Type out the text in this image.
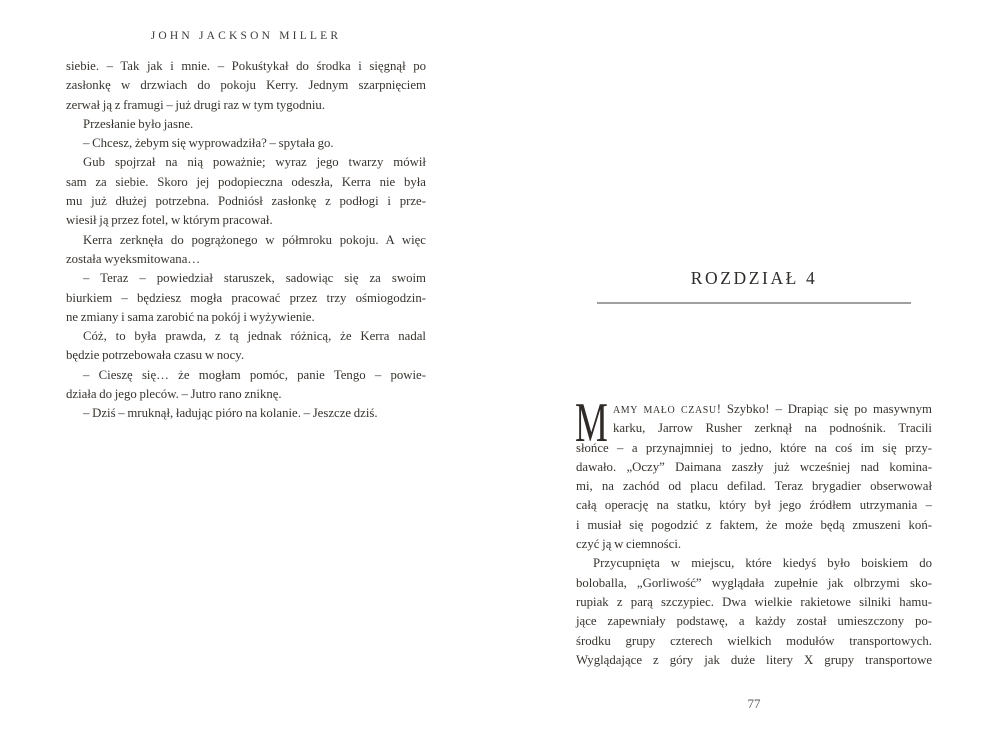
JOHN JACKSON MILLER
siebie. – Tak jak i mnie. – Pokuśtykał do środka i sięgnął po
zasłonkę w drzwiach do pokoju Kerry. Jednym szarpnięciem
zerwał ją z framugi – już drugi raz w tym tygodniu.
Przesłanie było jasne.
– Chcesz, żebym się wyprowadziła? – spytała go.
Gub spojrzał na nią poważnie; wyraz jego twarzy mówił
sam za siebie. Skoro jej podopieczna odeszła, Kerra nie była
mu już dłużej potrzebna. Podniósł zasłonkę z podłogi i prze-
wiesił ją przez fotel, w którym pracował.
Kerra zerknęła do pogrążonego w półmroku pokoju. A więc
została wyeksmitowana…
– Teraz – powiedział staruszek, sadowiąc się za swoim
biurkiem – będziesz mogła pracować przez trzy ośmiogodzin-
ne zmiany i sama zarobić na pokój i wyżywienie.
Cóż, to była prawda, z tą jednak różnicą, że Kerra nadal
będzie potrzebowała czasu w nocy.
– Cieszę się… że mogłam pomóc, panie Tengo – powie-
działa do jego pleców. – Jutro rano zniknę.
– Dziś – mruknął, ładując pióro na kolanie. – Jeszcze dziś.
ROZDZIAŁ 4
M AMY MAŁO CZASU! Szybko! – Drapiąc się po masywnym
karku, Jarrow Rusher zerknął na podnośnik. Tracili
słońce – a przynajmniej to jedno, które na coś im się przy-
dawało. „Oczy” Daimana zaszły już wcześniej nad komina-
mi, na zachód od placu defilad. Teraz brygadier obserwował
całą operację na statku, który był jego źródłem utrzymania –
i musiał się pogodzić z faktem, że może będą zmuszeni koń-
czyć ją w ciemności.
Przycupnięta w miejscu, które kiedyś było boiskiem do
boloballa, „Gorliwość” wyglądała zupełnie jak olbrzymi sko-
rupiak z parą szczypiec. Dwa wielkie rakietowe silniki hamu-
jące zapewniały podstawę, a każdy został umieszczony po-
środku grupy czterech wielkich modułów transportowych.
Wyglądające z góry jak duże litery X grupy transportowe
77
